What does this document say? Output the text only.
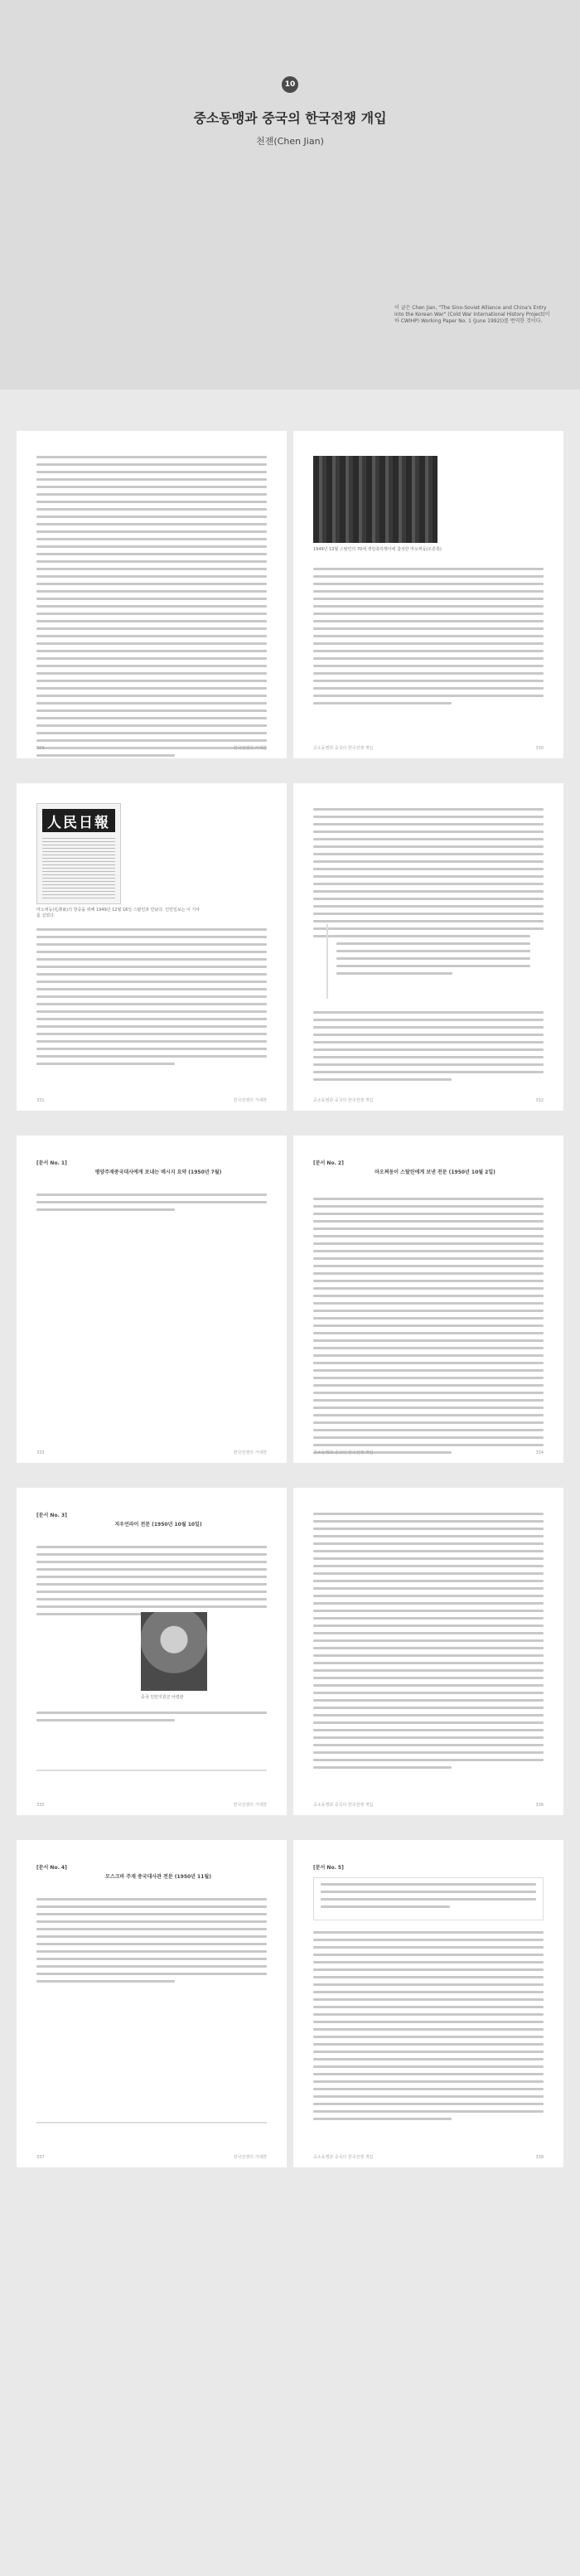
10
중소동맹과 중국의 한국전쟁 개입
천젠(Chen Jian)
이 글은 Chen Jian, "The Sino-Soviet Alliance and China's Entry into the Korean War" (Cold War International History Project(이하 CWIHP) Working Paper No. 1 (June 1992))를 번역한 것이다.
329	한국전쟁의 거대한
1949년 12월 스탈린의 70세 생일축하행사에 참석한 마오쩌둥(오른쪽)
330
중소동맹과 중국의 한국전쟁 개입
人民日報
마오쩌둥(毛澤東)의 방중을 위해 1949년 12월 16일 스탈린과 만났다. 인민일보는 이 기사를 실었다.
331	한국전쟁의 거대한	332
중소동맹과 중국의 한국전쟁 개입
[문서 No. 1]
평양주재중국대사에게 보내는 메시지 요약 (1950년 7월)
333	한국전쟁의 거대한
[문서 No. 2]
마오쩌둥이 스탈린에게 보낸 전문 (1950년 10월 2일)
334
중소동맹과 중국의 한국전쟁 개입
[문서 No. 3]
저우언라이 전문 (1950년 10월 10일)
중국 인민지원군 사령관
335	한국전쟁의 거대한	336
중소동맹과 중국의 한국전쟁 개입
[문서 No. 4]
모스크바 주재 중국대사관 전문 (1950년 11월)
337	한국전쟁의 거대한
[문서 No. 5]
338
중소동맹과 중국의 한국전쟁 개입
